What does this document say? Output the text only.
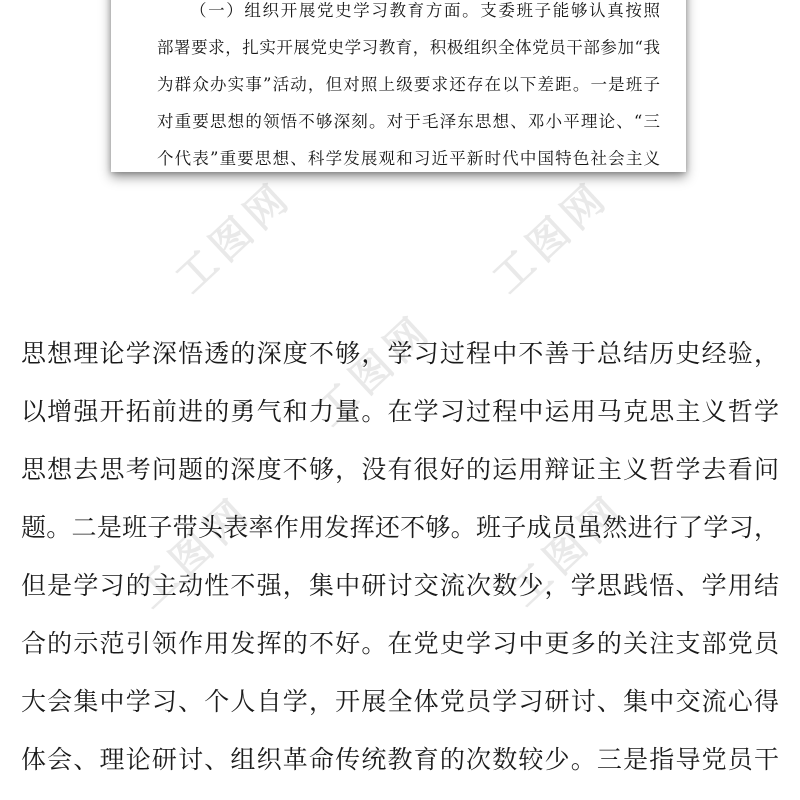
工图网	工图网
工图网
工图网	工图网

思想理论学深悟透的深度不够，学习过程中不善于总结历史经验，

以增强开拓前进的勇气和力量。在学习过程中运用马克思主义哲学

思想去思考问题的深度不够，没有很好的运用辩证主义哲学去看问

题。二是班子带头表率作用发挥还不够。班子成员虽然进行了学习，

但是学习的主动性不强，集中研讨交流次数少，学思践悟、学用结

合的示范引领作用发挥的不好。在党史学习中更多的关注支部党员

大会集中学习、个人自学，开展全体党员学习研讨、集中交流心得

体会、理论研讨、组织革命传统教育的次数较少。三是指导党员干

（一）组织开展党史学习教育方面。支委班子能够认真按照

部署要求，扎实开展党史学习教育，积极组织全体党员干部参加“我

为群众办实事”活动，但对照上级要求还存在以下差距。一是班子

对重要思想的领悟不够深刻。对于毛泽东思想、邓小平理论、“三

个代表”重要思想、科学发展观和习近平新时代中国特色社会主义
